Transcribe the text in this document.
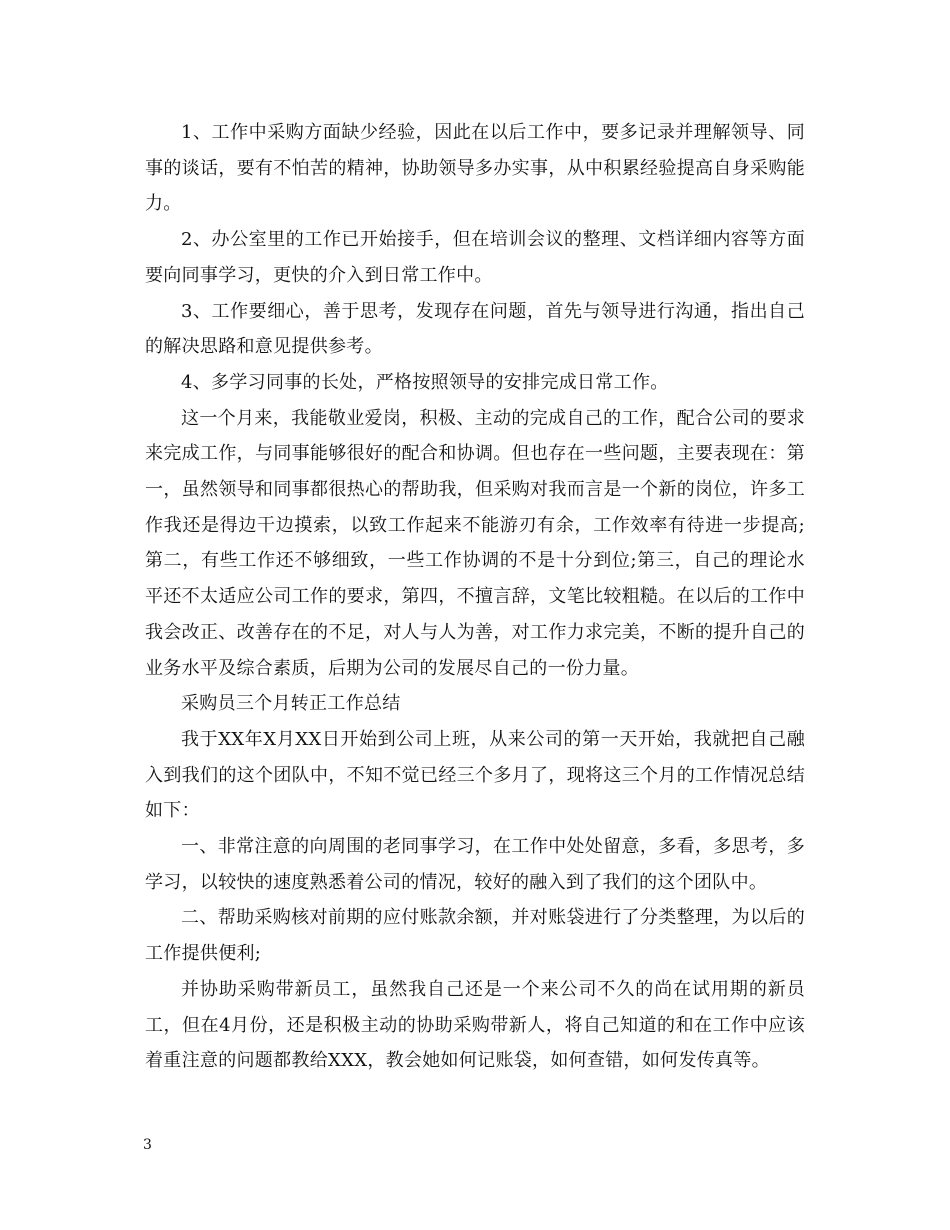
1、工作中采购方面缺少经验，因此在以后工作中，要多记录并理解领导、同事的谈话，要有不怕苦的精神，协助领导多办实事，从中积累经验提高自身采购能力。

2、办公室里的工作已开始接手，但在培训会议的整理、文档详细内容等方面要向同事学习，更快的介入到日常工作中。

3、工作要细心，善于思考，发现存在问题，首先与领导进行沟通，指出自己的解决思路和意见提供参考。

4、多学习同事的长处，严格按照领导的安排完成日常工作。

这一个月来，我能敬业爱岗，积极、主动的完成自己的工作，配合公司的要求来完成工作，与同事能够很好的配合和协调。但也存在一些问题，主要表现在：第一，虽然领导和同事都很热心的帮助我，但采购对我而言是一个新的岗位，许多工作我还是得边干边摸索，以致工作起来不能游刃有余，工作效率有待进一步提高;第二，有些工作还不够细致，一些工作协调的不是十分到位;第三，自己的理论水平还不太适应公司工作的要求，第四，不擅言辞，文笔比较粗糙。在以后的工作中我会改正、改善存在的不足，对人与人为善，对工作力求完美，不断的提升自己的业务水平及综合素质，后期为公司的发展尽自己的一份力量。

采购员三个月转正工作总结

我于XX年X月XX日开始到公司上班，从来公司的第一天开始，我就把自己融入到我们的这个团队中，不知不觉已经三个多月了，现将这三个月的工作情况总结如下：

一、非常注意的向周围的老同事学习，在工作中处处留意，多看，多思考，多学习，以较快的速度熟悉着公司的情况，较好的融入到了我们的这个团队中。

二、帮助采购核对前期的应付账款余额，并对账袋进行了分类整理，为以后的工作提供便利;

并协助采购带新员工，虽然我自己还是一个来公司不久的尚在试用期的新员工，但在4月份，还是积极主动的协助采购带新人，将自己知道的和在工作中应该着重注意的问题都教给XXX，教会她如何记账袋，如何查错，如何发传真等。

3
